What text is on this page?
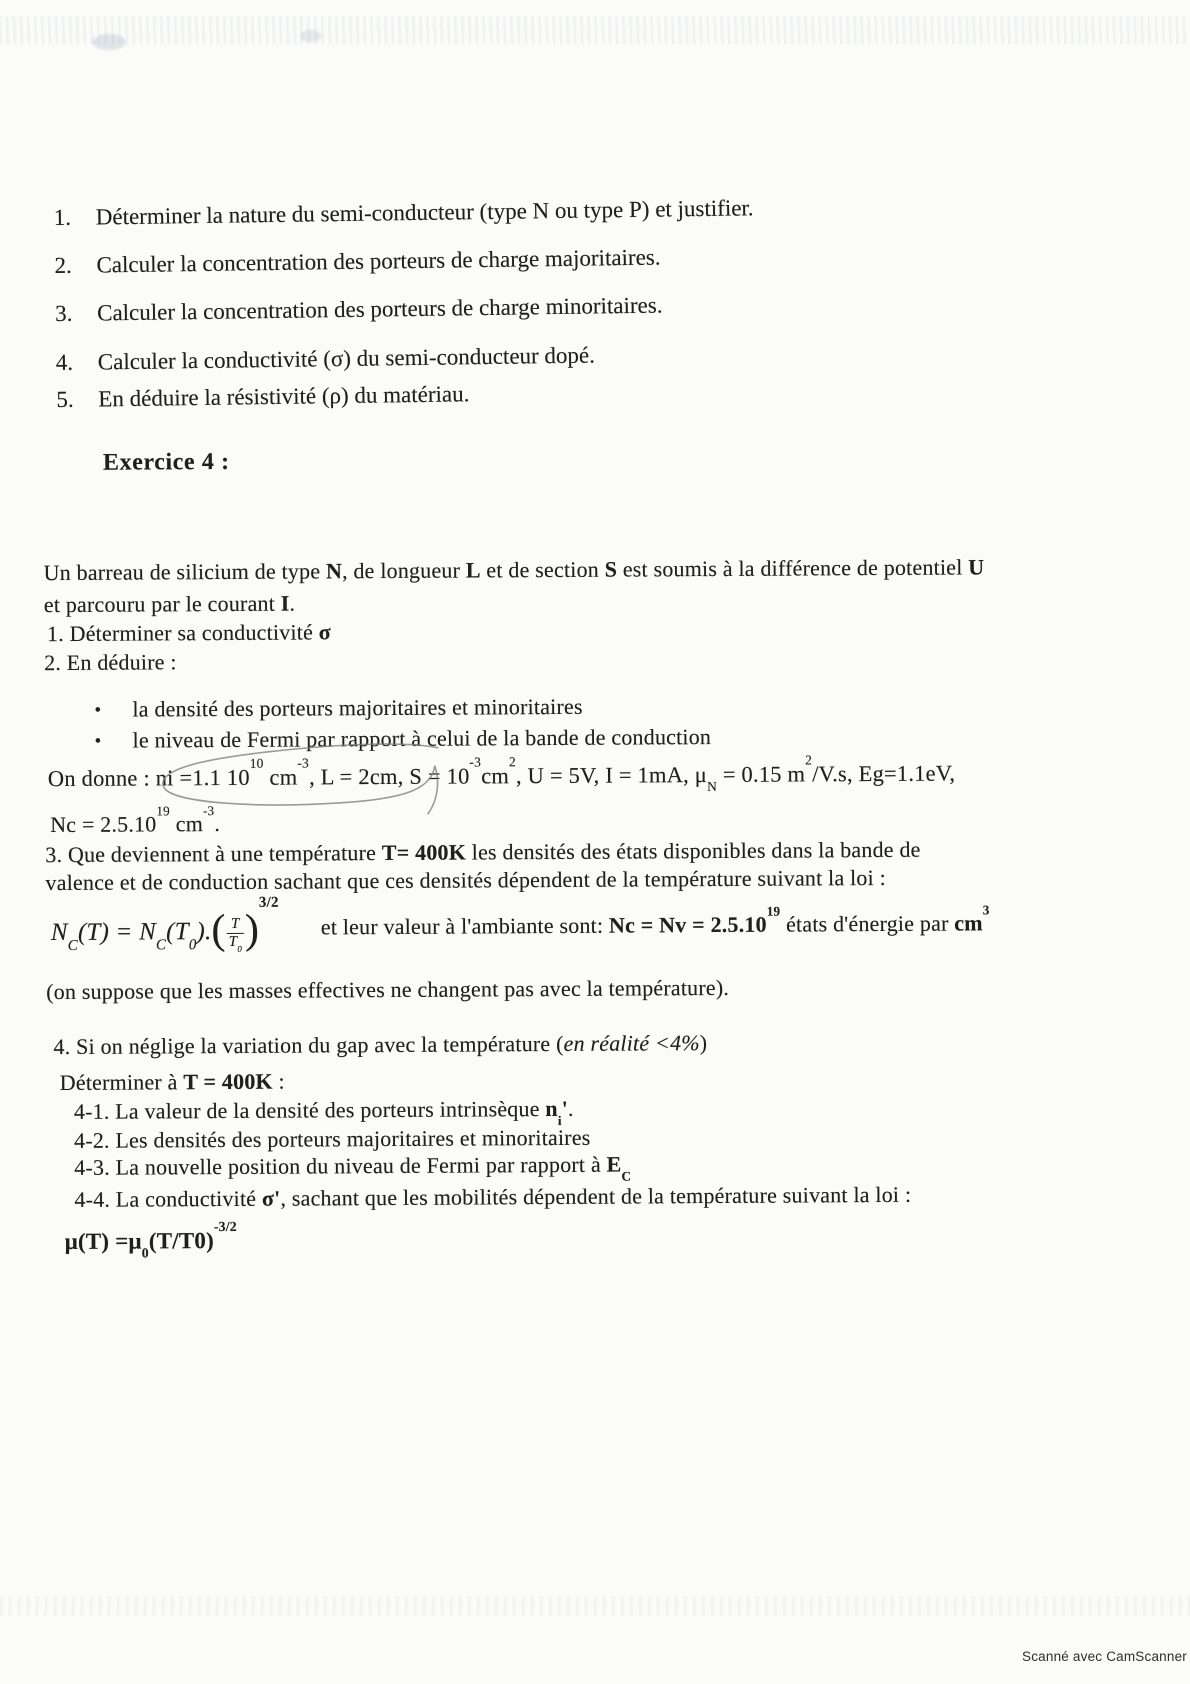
1. Déterminer la nature du semi-conducteur (type N ou type P) et justifier.
2. Calculer la concentration des porteurs de charge majoritaires.
3. Calculer la concentration des porteurs de charge minoritaires.
4. Calculer la conductivité (σ) du semi-conducteur dopé.
5. En déduire la résistivité (ρ) du matériau.
Exercice 4 :
Un barreau de silicium de type N, de longueur L et de section S est soumis à la différence de potentiel U
et parcouru par le courant I.
1. Déterminer sa conductivité σ
2. En déduire :
• la densité des porteurs majoritaires et minoritaires
• le niveau de Fermi par rapport à celui de la bande de conduction
On donne : ni =1.1 $10^{10}$ $cm^{-3}$, L = 2cm, $S = 10^{-3}cm^2$, U = 5V, I = 1mA, $\mu_N = 0.15$ $m^2/V.s$, Eg=1.1eV,
$Nc = 2.5.10^{19}$ $cm^{-3}$.
3. Que deviennent à une température T= 400K les densités des états disponibles dans la bande de
valence et de conduction sachant que ces densités dépendent de la température suivant la loi :
$N_C(T) = N_C(T_0).( \frac{T}{T_0} )^{3/2}et$ leur valeur à l'ambiante sont: $Nc = Nv = 2.5.10^{19}$ états d'énergie par $cm^3$
(on suppose que les masses effectives ne changent pas avec la température).
4. Si on néglige la variation du gap avec la température (en réalité <4%)
Déterminer à T = 400K :
4-1. La valeur de la densité des porteurs intrinsèque $n_i'$.
4-2. Les densités des porteurs majoritaires et minoritaires
4-3. La nouvelle position du niveau de Fermi par rapport à $E_C$
4-4. La conductivité σ', sachant que les mobilités dépendent de la température suivant la loi :
$\mu(T) =\mu_0(T/T0)^{-3/2}$
Scanné avec CamScanner
